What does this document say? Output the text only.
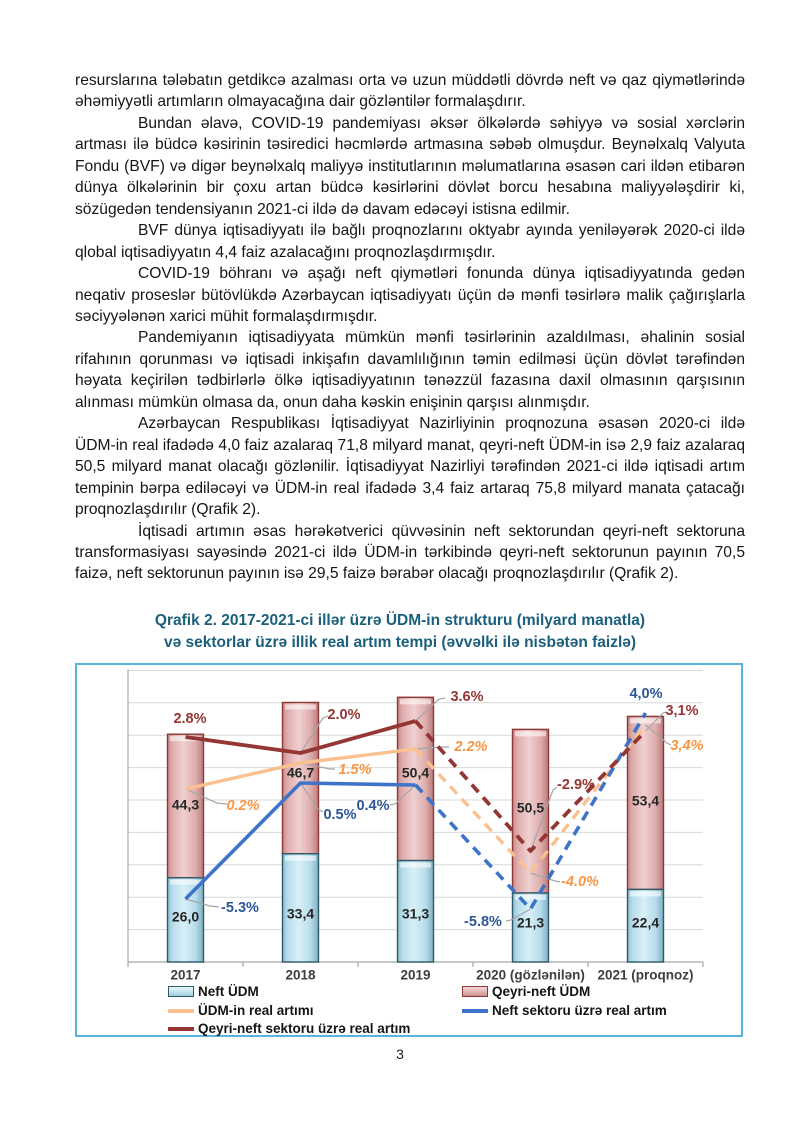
resurslarına tələbatın getdikcə azalması orta və uzun müddətli dövrdə neft və qaz qiymətlərində əhəmiyyətli artımların olmayacağına dair gözləntilər formalaşdırır.

Bundan əlavə, COVID-19 pandemiyası əksər ölkələrdə səhiyyə və sosial xərclərin artması ilə büdcə kəsirinin təsiredici həcmlərdə artmasına səbəb olmuşdur. Beynəlxalq Valyuta Fondu (BVF) və digər beynəlxalq maliyyə institutlarının məlumatlarına əsasən cari ildən etibarən dünya ölkələrinin bir çoxu artan büdcə kəsirlərini dövlət borcu hesabına maliyyələşdirir ki, sözügedən tendensiyanın 2021-ci ildə də davam edəcəyi istisna edilmir.

BVF dünya iqtisadiyyatı ilə bağlı proqnozlarını oktyabr ayında yeniləyərək 2020-ci ildə qlobal iqtisadiyyatın 4,4 faiz azalacağını proqnozlaşdırmışdır.

COVID-19 böhranı və aşağı neft qiymətləri fonunda dünya iqtisadiyyatında gedən neqativ proseslər bütövlükdə Azərbaycan iqtisadiyyatı üçün də mənfi təsirlərə malik çağırışlarla səciyyələnən xarici mühit formalaşdırmışdır.

Pandemiyanın iqtisadiyyata mümkün mənfi təsirlərinin azaldılması, əhalinin sosial rifahının qorunması və iqtisadi inkişafın davamlılığının təmin edilməsi üçün dövlət tərəfindən həyata keçirilən tədbirlərlə ölkə iqtisadiyyatının tənəzzül fazasına daxil olmasının qarşısının alınması mümkün olmasa da, onun daha kəskin enişinin qarşısı alınmışdır.

Azərbaycan Respublikası İqtisadiyyat Nazirliyinin proqnozuna əsasən 2020-ci ildə ÜDM-in real ifadədə 4,0 faiz azalaraq 71,8 milyard manat, qeyri-neft ÜDM-in isə 2,9 faiz azalaraq 50,5 milyard manat olacağı gözlənilir. İqtisadiyyat Nazirliyi tərəfindən 2021-ci ildə iqtisadi artım tempinin bərpa ediləcəyi və ÜDM-in real ifadədə 3,4 faiz artaraq 75,8 milyard manata çatacağı proqnozlaşdırılır (Qrafik 2).

İqtisadi artımın əsas hərəkətverici qüvvəsinin neft sektorundan qeyri-neft sektoruna transformasiyası sayəsində 2021-ci ildə ÜDM-in tərkibində qeyri-neft sektorunun payının 70,5 faizə, neft sektorunun payının isə 29,5 faizə bərabər olacağı proqnozlaşdırılır (Qrafik 2).

Qrafik 2. 2017-2021-ci illər üzrə ÜDM-in strukturu (milyard manatla)
və sektorlar üzrə illik real artım tempi (əvvəlki ilə nisbətən faizlə)
26,0
44,3
33,4
46,7
31,3
50,4
21,3
50,5
22,4
53,4
0.2%
1.5%
2.2%
-4.0%
3,4%
-5.3%
0.5%
0.4%
-5.8%
4,0%
2.8%	2.0%
3.6%
-2.9%
3,1%
2017	2018	2019	2020 (gözlənilən) 2021 (proqnoz)
Neft ÜDM	Qeyri-neft ÜDM
ÜDM-in real artımı	Neft sektoru üzrə real artım
Qeyri-neft sektoru üzrə real artım
3
